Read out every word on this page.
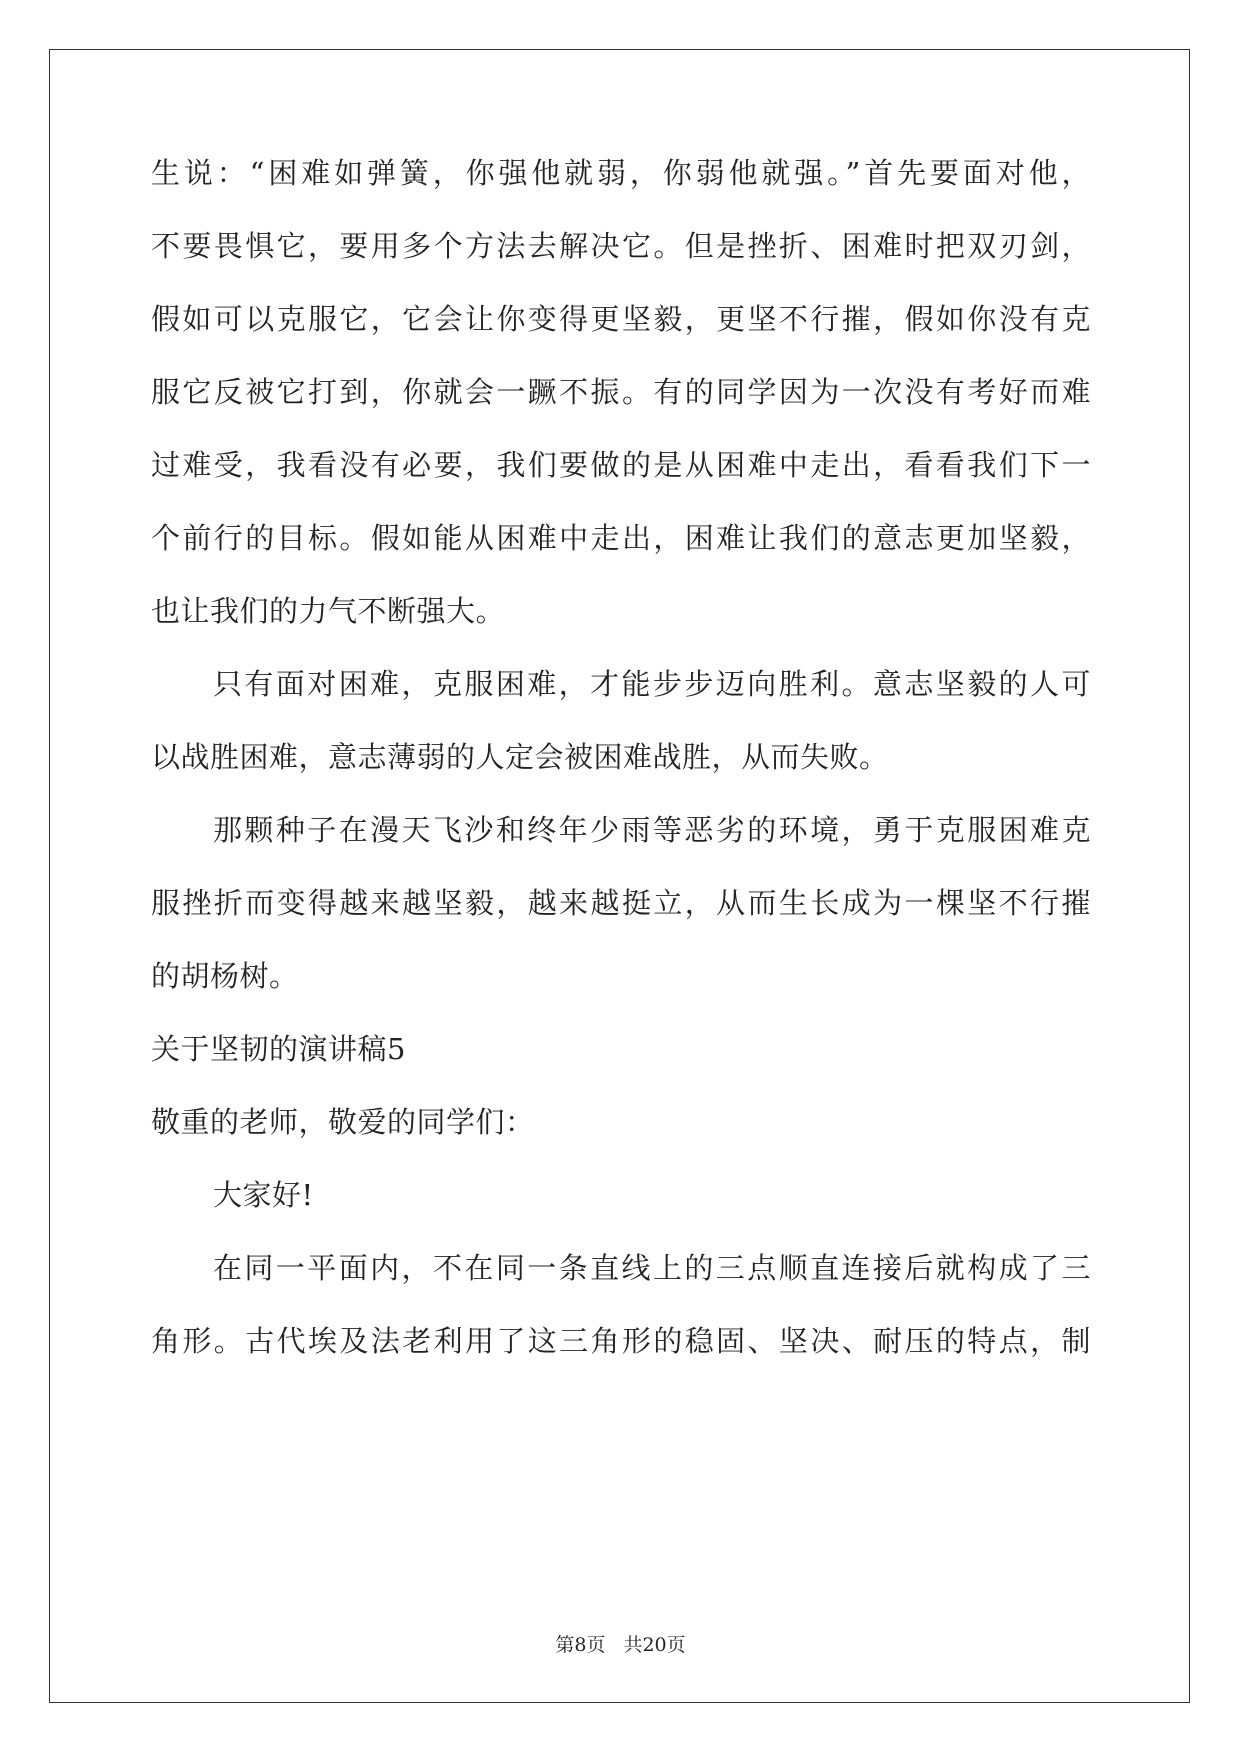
生说：“困难如弹簧，你强他就弱，你弱他就强。”首先要面对他，
不要畏惧它，要用多个方法去解决它。但是挫折、困难时把双刃剑，
假如可以克服它，它会让你变得更坚毅，更坚不行摧，假如你没有克
服它反被它打到，你就会一蹶不振。有的同学因为一次没有考好而难
过难受，我看没有必要，我们要做的是从困难中走出，看看我们下一
个前行的目标。假如能从困难中走出，困难让我们的意志更加坚毅，
也让我们的力气不断强大。
只有面对困难，克服困难，才能步步迈向胜利。意志坚毅的人可
以战胜困难，意志薄弱的人定会被困难战胜，从而失败。
那颗种子在漫天飞沙和终年少雨等恶劣的环境，勇于克服困难克
服挫折而变得越来越坚毅，越来越挺立，从而生长成为一棵坚不行摧
的胡杨树。
关于坚韧的演讲稿5
敬重的老师，敬爱的同学们：
大家好!
在同一平面内，不在同一条直线上的三点顺直连接后就构成了三
角形。古代埃及法老利用了这三角形的稳固、坚决、耐压的特点，制
第8页 共20页
